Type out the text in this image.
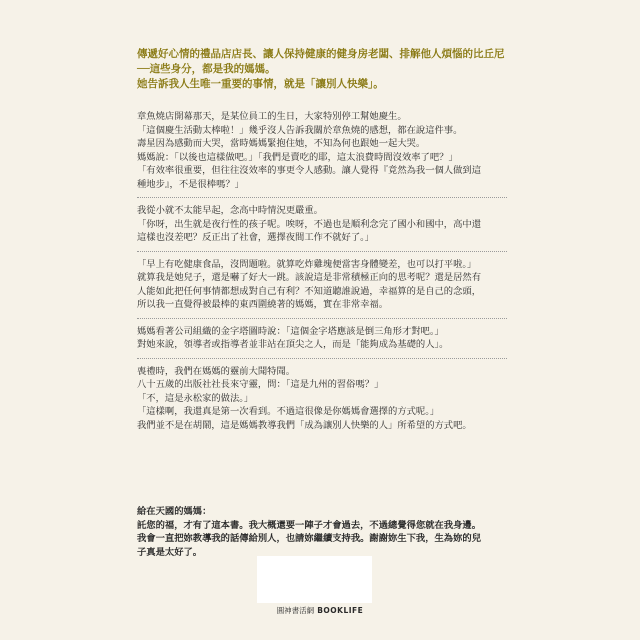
傳遞好心情的禮品店店長、讓人保持健康的健身房老闆、排解他人煩惱的比丘尼

──這些身分，都是我的媽媽。

她告訴我人生唯一重要的事情，就是「讓別人快樂」。

章魚燒店開幕那天，是某位員工的生日，大家特別停工幫她慶生。

「這個慶生活動太棒啦！」幾乎沒人告訴我關於章魚燒的感想，都在說這件事。

壽星因為感動而大哭，當時媽媽緊抱住她，不知為何也跟她一起大哭。

媽媽說：「以後也這樣做吧。」「我們是賣吃的耶，這太浪費時間沒效率了吧？」

「有效率很重要，但往往沒效率的事更令人感動。讓人覺得『竟然為我一個人做到這

種地步』，不是很棒嗎？」

我從小就不太能早起，念高中時情況更嚴重。

「你呀，出生就是夜行性的孩子呢。唉呀，不過也是順利念完了國小和國中，高中還

這樣也沒差吧？反正出了社會，選擇夜間工作不就好了。」

「早上有吃健康食品，沒問題啦。就算吃炸雞塊便當害身體變差，也可以打平啦。」

就算我是她兒子，還是嚇了好大一跳。該說這是非常積極正向的思考呢？還是居然有

人能如此把任何事情都想成對自己有利？不知道聽誰說過，幸福算的是自己的念頭，

所以我一直覺得被最棒的東西圍繞著的媽媽，實在非常幸福。

媽媽看著公司組織的金字塔圖時說：「這個金字塔應該是倒三角形才對吧。」

對她來說，領導者或指導者並非站在頂尖之人，而是「能夠成為基礎的人」。

喪禮時，我們在媽媽的靈前大聞特聞。

八十五歲的出版社社長來守靈，問：「這是九州的習俗嗎？」

「不，這是永松家的做法。」

「這樣啊，我還真是第一次看到。不過這很像是你媽媽會選擇的方式呢。」

我們並不是在胡鬧，這是媽媽教導我們「成為讓別人快樂的人」所希望的方式吧。

給在天國的媽媽：

託您的福，才有了這本書。我大概還要一陣子才會過去，不過總覺得您就在我身邊。

我會一直把妳教導我的話傳給別人，也請妳繼續支持我。謝謝妳生下我，生為妳的兒

子真是太好了。

圓神書活網 BOOKLIFE
